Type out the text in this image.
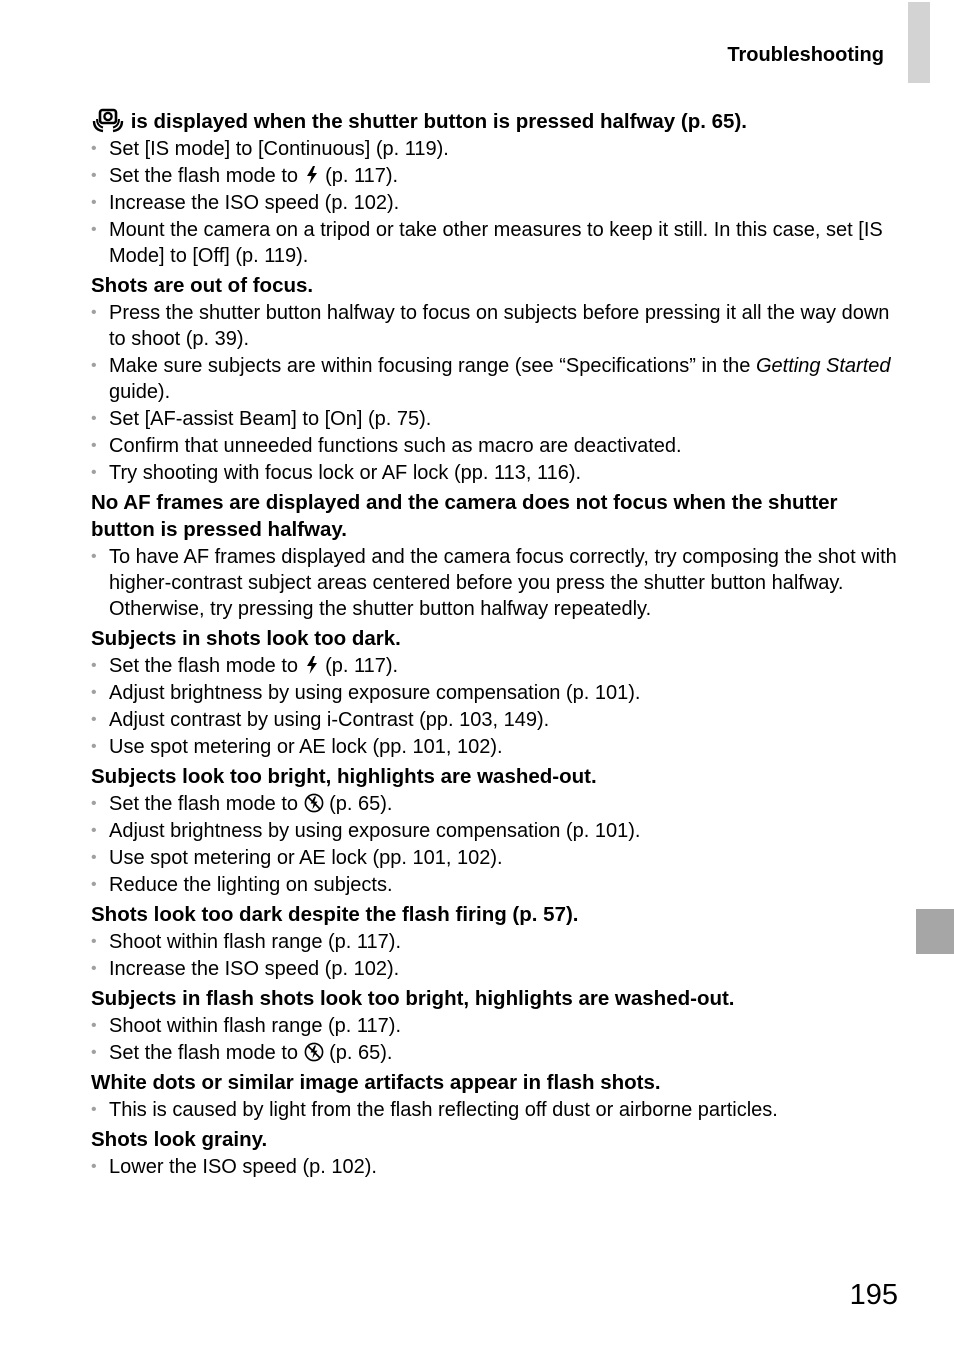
Troubleshooting
is displayed when the shutter button is pressed halfway (p. 65).
• Set [IS mode] to [Continuous] (p. 119).
• Set the flash mode to  (p. 117).
• Increase the ISO speed (p. 102).
• Mount the camera on a tripod or take other measures to keep it still. In this case, set [IS Mode] to [Off] (p. 119).
Shots are out of focus.
• Press the shutter button halfway to focus on subjects before pressing it all the way down to shoot (p. 39).
• Make sure subjects are within focusing range (see “Specifications” in the Getting Started guide).
• Set [AF-assist Beam] to [On] (p. 75).
• Confirm that unneeded functions such as macro are deactivated.
• Try shooting with focus lock or AF lock (pp. 113, 116).
No AF frames are displayed and the camera does not focus when the shutter button is pressed halfway.
• To have AF frames displayed and the camera focus correctly, try composing the shot with higher-contrast subject areas centered before you press the shutter button halfway. Otherwise, try pressing the shutter button halfway repeatedly.
Subjects in shots look too dark.
• Set the flash mode to  (p. 117).
• Adjust brightness by using exposure compensation (p. 101).
• Adjust contrast by using i-Contrast (pp. 103, 149).
• Use spot metering or AE lock (pp. 101, 102).
Subjects look too bright, highlights are washed-out.
• Set the flash mode to  (p. 65).
• Adjust brightness by using exposure compensation (p. 101).
• Use spot metering or AE lock (pp. 101, 102).
• Reduce the lighting on subjects.
Shots look too dark despite the flash firing (p. 57).
• Shoot within flash range (p. 117).
• Increase the ISO speed (p. 102).
Subjects in flash shots look too bright, highlights are washed-out.
• Shoot within flash range (p. 117).
• Set the flash mode to  (p. 65).
White dots or similar image artifacts appear in flash shots.
• This is caused by light from the flash reflecting off dust or airborne particles.
Shots look grainy.
• Lower the ISO speed (p. 102).
195
